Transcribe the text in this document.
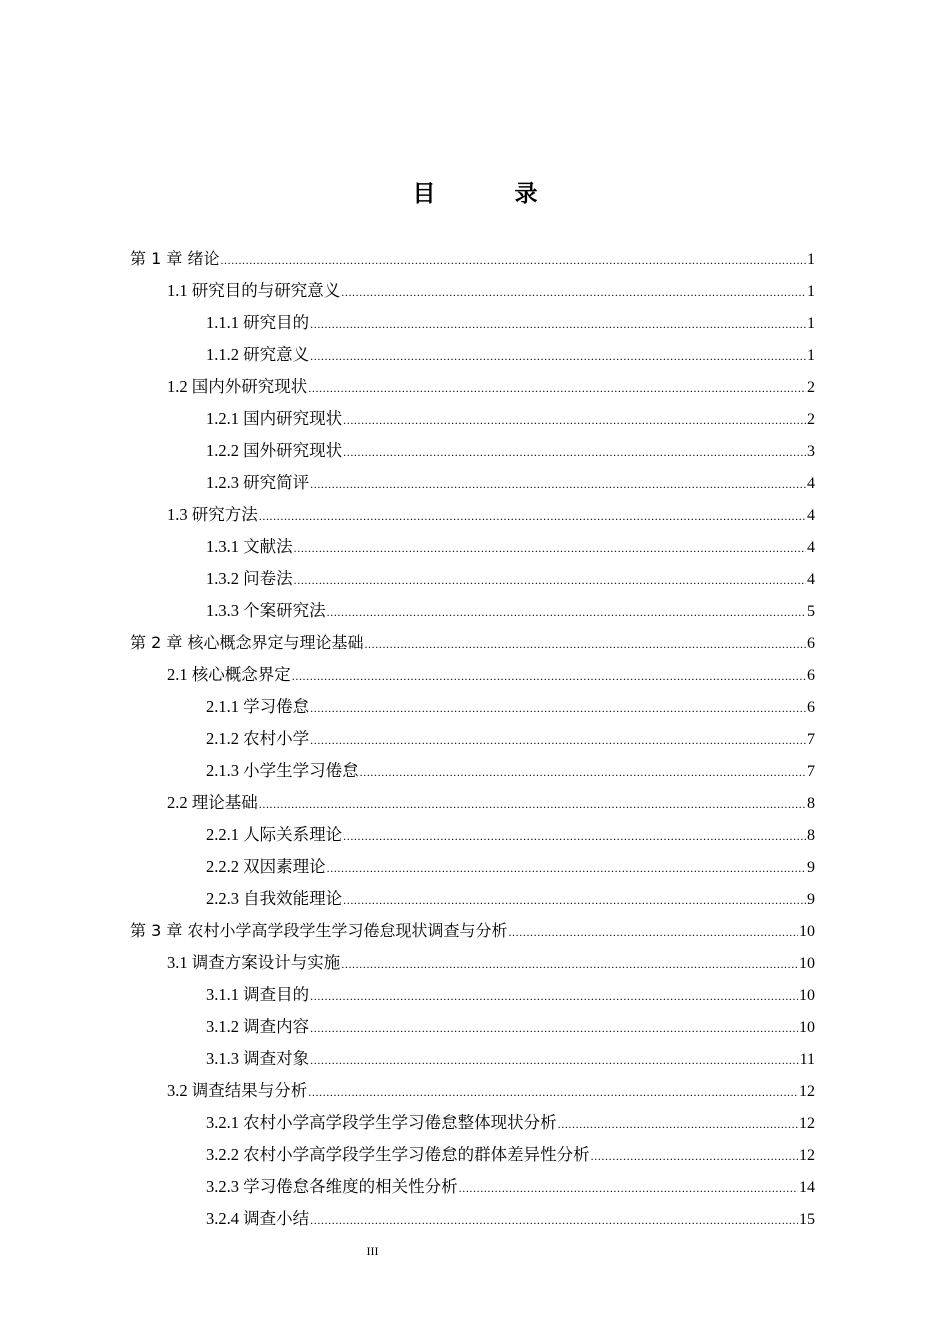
目　录
第 1 章 绪论 .....	1
1.1 研究目的与研究意义 .....	1
1.1.1 研究目的 .....	1
1.1.2 研究意义 .....	1
1.2 国内外研究现状 .....	2
1.2.1 国内研究现状 .....	2
1.2.2 国外研究现状 .....	3
1.2.3 研究简评 .....	4
1.3 研究方法 .....	4
1.3.1 文献法 .....	4
1.3.2 问卷法 .....	4
1.3.3 个案研究法 .....	5
第 2 章 核心概念界定与理论基础 .....	6
2.1 核心概念界定 .....	6
2.1.1 学习倦怠 .....	6
2.1.2 农村小学 .....	7
2.1.3 小学生学习倦怠 .....	7
2.2 理论基础 .....	8
2.2.1 人际关系理论 .....	8
2.2.2 双因素理论 .....	9
2.2.3 自我效能理论 .....	9
第 3 章 农村小学高学段学生学习倦怠现状调查与分析 .....	10
3.1 调查方案设计与实施 .....	10
3.1.1 调查目的 .....	10
3.1.2 调查内容 .....	10
3.1.3 调查对象 .....	11
3.2 调查结果与分析 .....	12
3.2.1 农村小学高学段学生学习倦怠整体现状分析 .....	12
3.2.2 农村小学高学段学生学习倦怠的群体差异性分析 .....	12
3.2.3 学习倦怠各维度的相关性分析 .....	14
3.2.4 调查小结 .....	15
III
